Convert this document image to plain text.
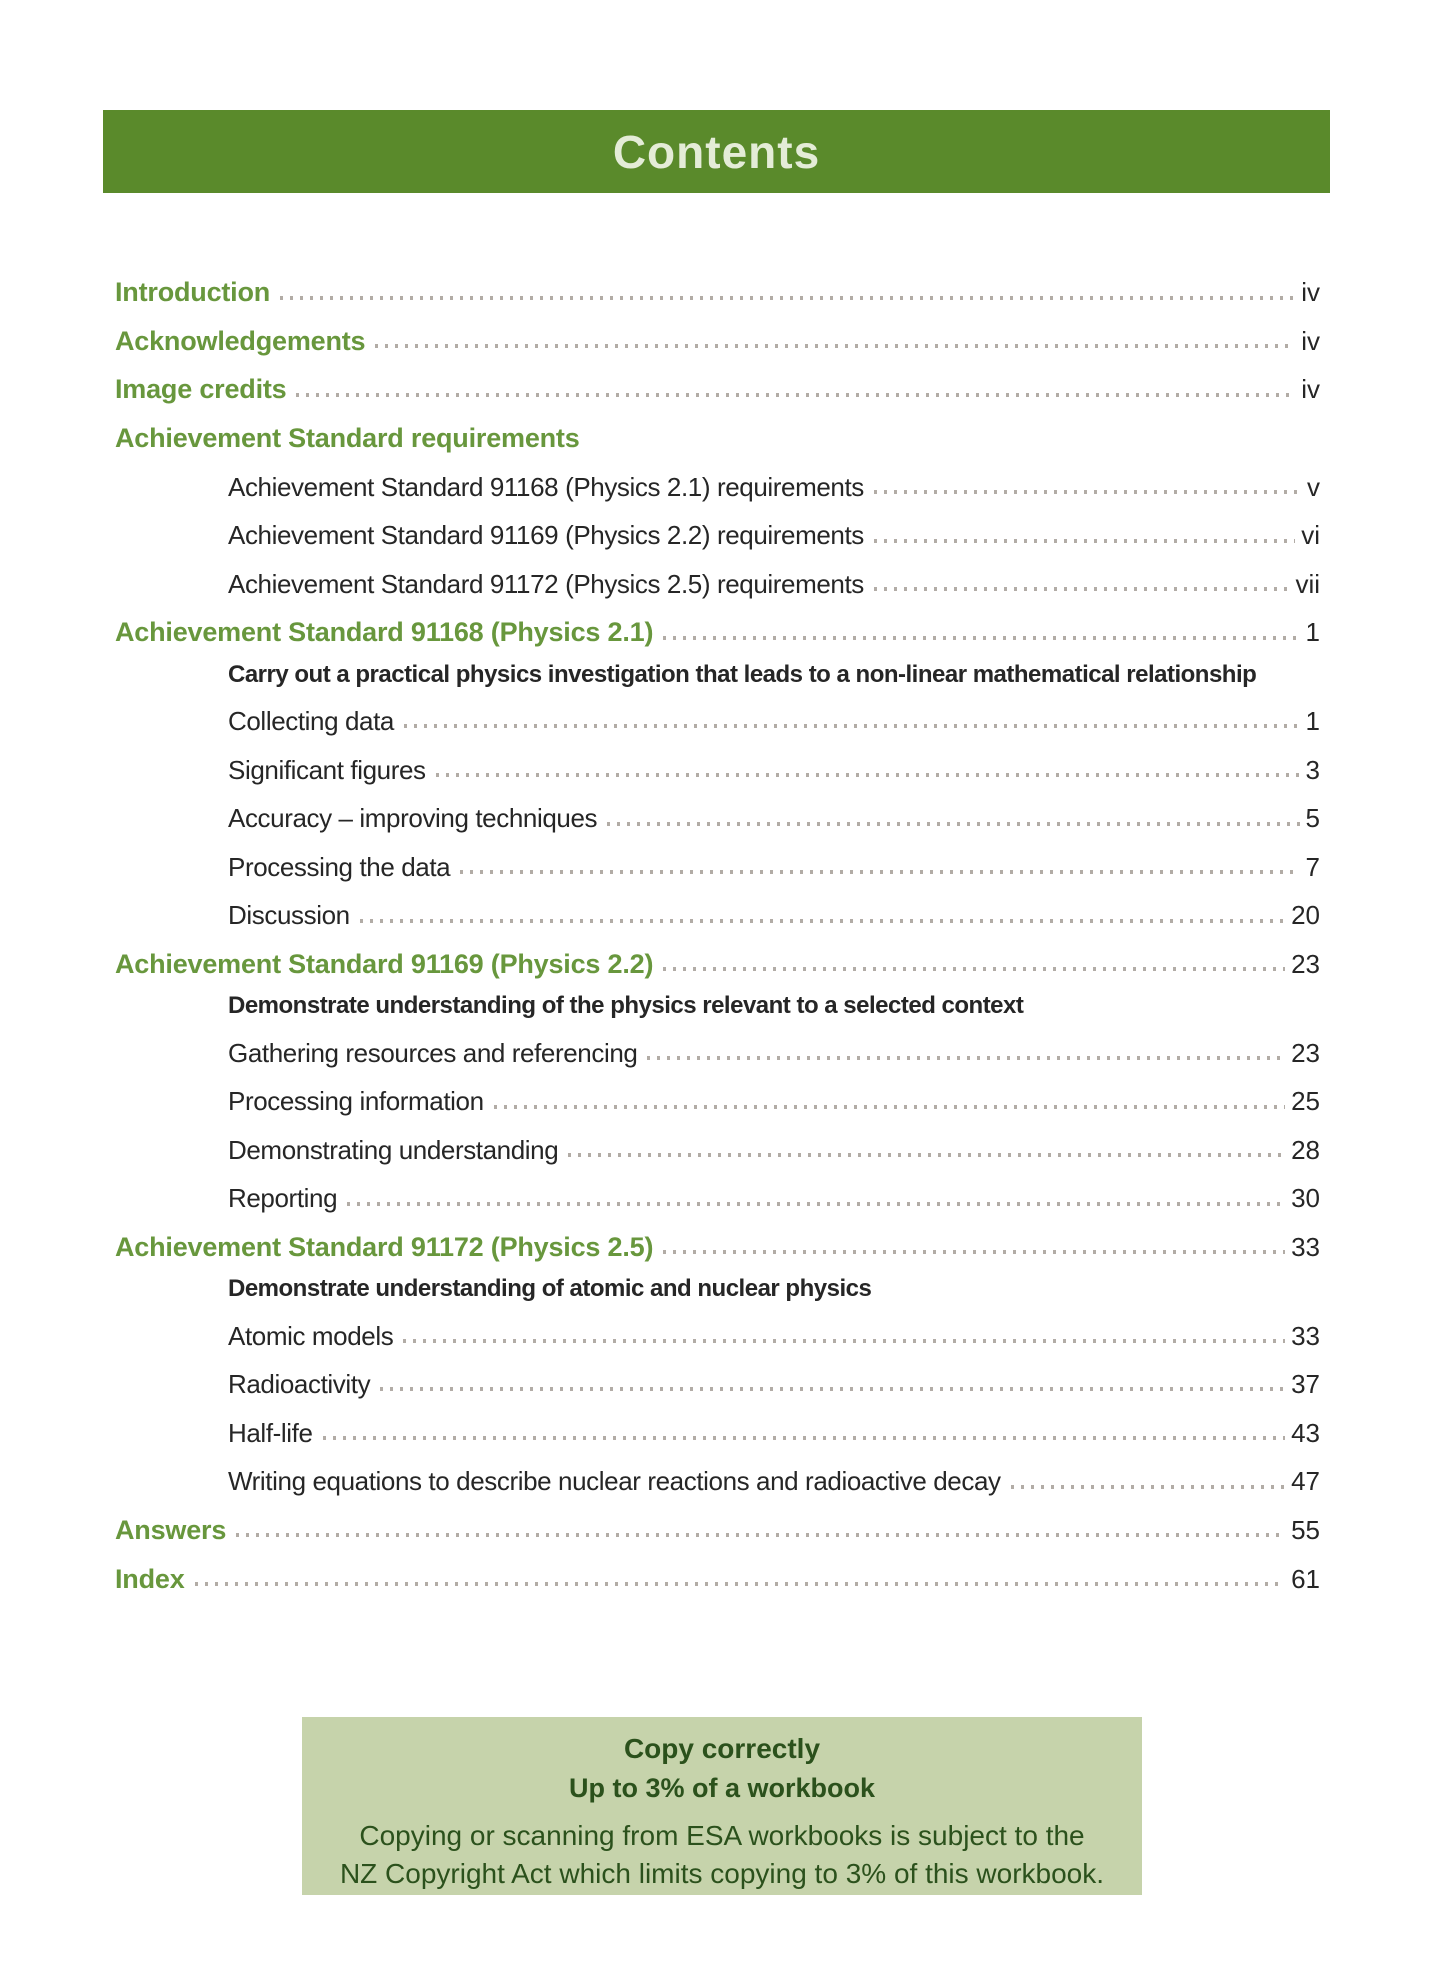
Contents
Introduction	iv
Acknowledgements	iv
Image credits	iv
Achievement Standard requirements
Achievement Standard 91168 (Physics 2.1) requirements	v
Achievement Standard 91169 (Physics 2.2) requirements	vi
Achievement Standard 91172 (Physics 2.5) requirements	vii
Achievement Standard 91168 (Physics 2.1)	1
Carry out a practical physics investigation that leads to a non-linear mathematical relationship
Collecting data	1
Significant figures	3
Accuracy – improving techniques	5
Processing the data	7
Discussion	20
Achievement Standard 91169 (Physics 2.2)	23
Demonstrate understanding of the physics relevant to a selected context
Gathering resources and referencing	23
Processing information	25
Demonstrating understanding	28
Reporting	30
Achievement Standard 91172 (Physics 2.5)	33
Demonstrate understanding of atomic and nuclear physics
Atomic models	33
Radioactivity	37
Half-life	43
Writing equations to describe nuclear reactions and radioactive decay	47
Answers	55
Index	61
Copy correctly
Up to 3% of a workbook
Copying or scanning from ESA workbooks is subject to the
NZ Copyright Act which limits copying to 3% of this workbook.
